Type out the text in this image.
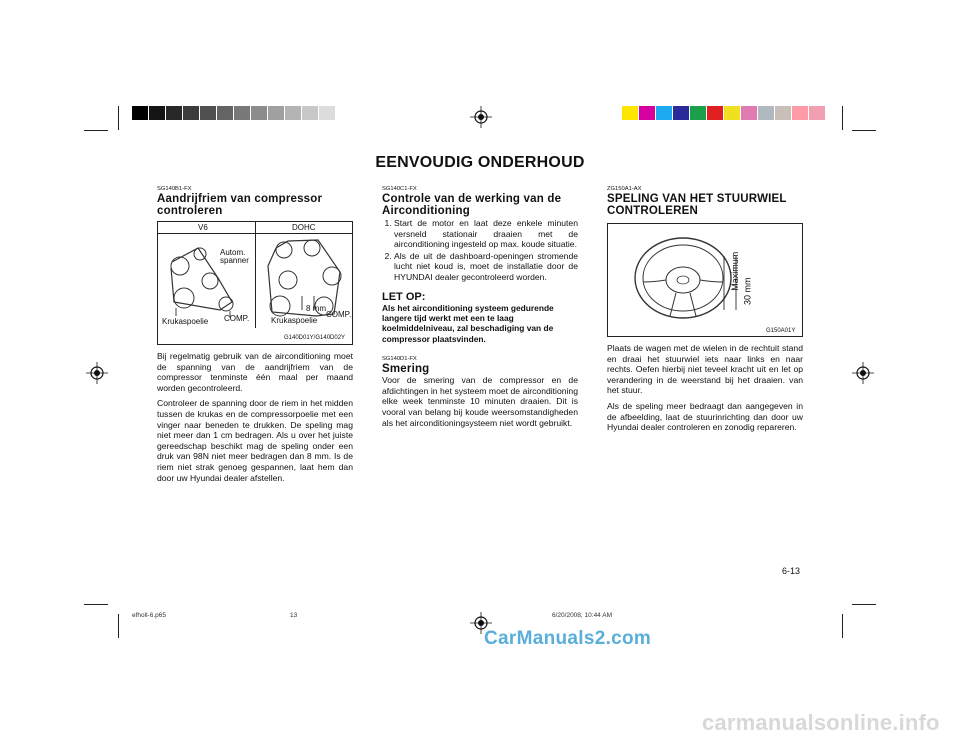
EENVOUDIG ONDERHOUD
SG140B1-FX
Aandrijfriem van compressor controleren
V6	DOHC
Autom.
spanner
Krukaspoelie COMP.
8 mm
Krukaspoelie
COMP.
G140D01Y/G140D02Y

Bij regelmatig gebruik van de airconditioning moet de spanning van de aandrijfriem van de compressor tenminste één maal per maand worden gecontroleerd.

Controleer de spanning door de riem in het midden tussen de krukas en de compressorpoelie met een vinger naar beneden te drukken. De speling mag niet meer dan 1 cm bedragen. Als u over het juiste gereedschap beschikt mag de speling onder een druk van 98N niet meer bedragen dan 8 mm. Is de riem niet strak genoeg gespannen, laat hem dan door uw Hyundai dealer afstellen.

SG140C1-FX
Controle van de werking van de Airconditioning
1. Start de motor en laat deze enkele minuten versneld stationair draaien met de airconditioning ingesteld op max. koude situatie.
2. Als de uit de dashboard-openingen stromende lucht niet koud is, moet de installatie door de HYUNDAI dealer gecontroleerd worden.
LET OP:
Als het airconditioning systeem gedurende langere tijd werkt met een te laag koelmiddelniveau, zal beschadiging van de compressor plaatsvinden.
SG140D1-FX
Smering

Voor de smering van de compressor en de afdichtingen in het systeem moet de airconditioning elke week tenminste 10 minuten draaien. Dit is vooral van belang bij koude weersomstandigheden als het airconditioningsysteem niet wordt gebruikt.

ZG150A1-AX
SPELING VAN HET STUURWIEL CONTROLEREN
Maximum
30 mm
G150A01Y

Plaats de wagen met de wielen in de rechtuit stand en draai het stuurwiel iets naar links en naar rechts. Oefen hierbij niet teveel kracht uit en let op verandering in de weerstand bij het draaien. van het stuur.

Als de speling meer bedraagt dan aangegeven in de afbeelding, laat de stuurinrichting dan door uw Hyundai dealer controleren en zonodig repareren.

6-13
efholl-6.p65	13	6/20/2008, 10:44 AM
CarManuals2.com
carmanualsonline.info
